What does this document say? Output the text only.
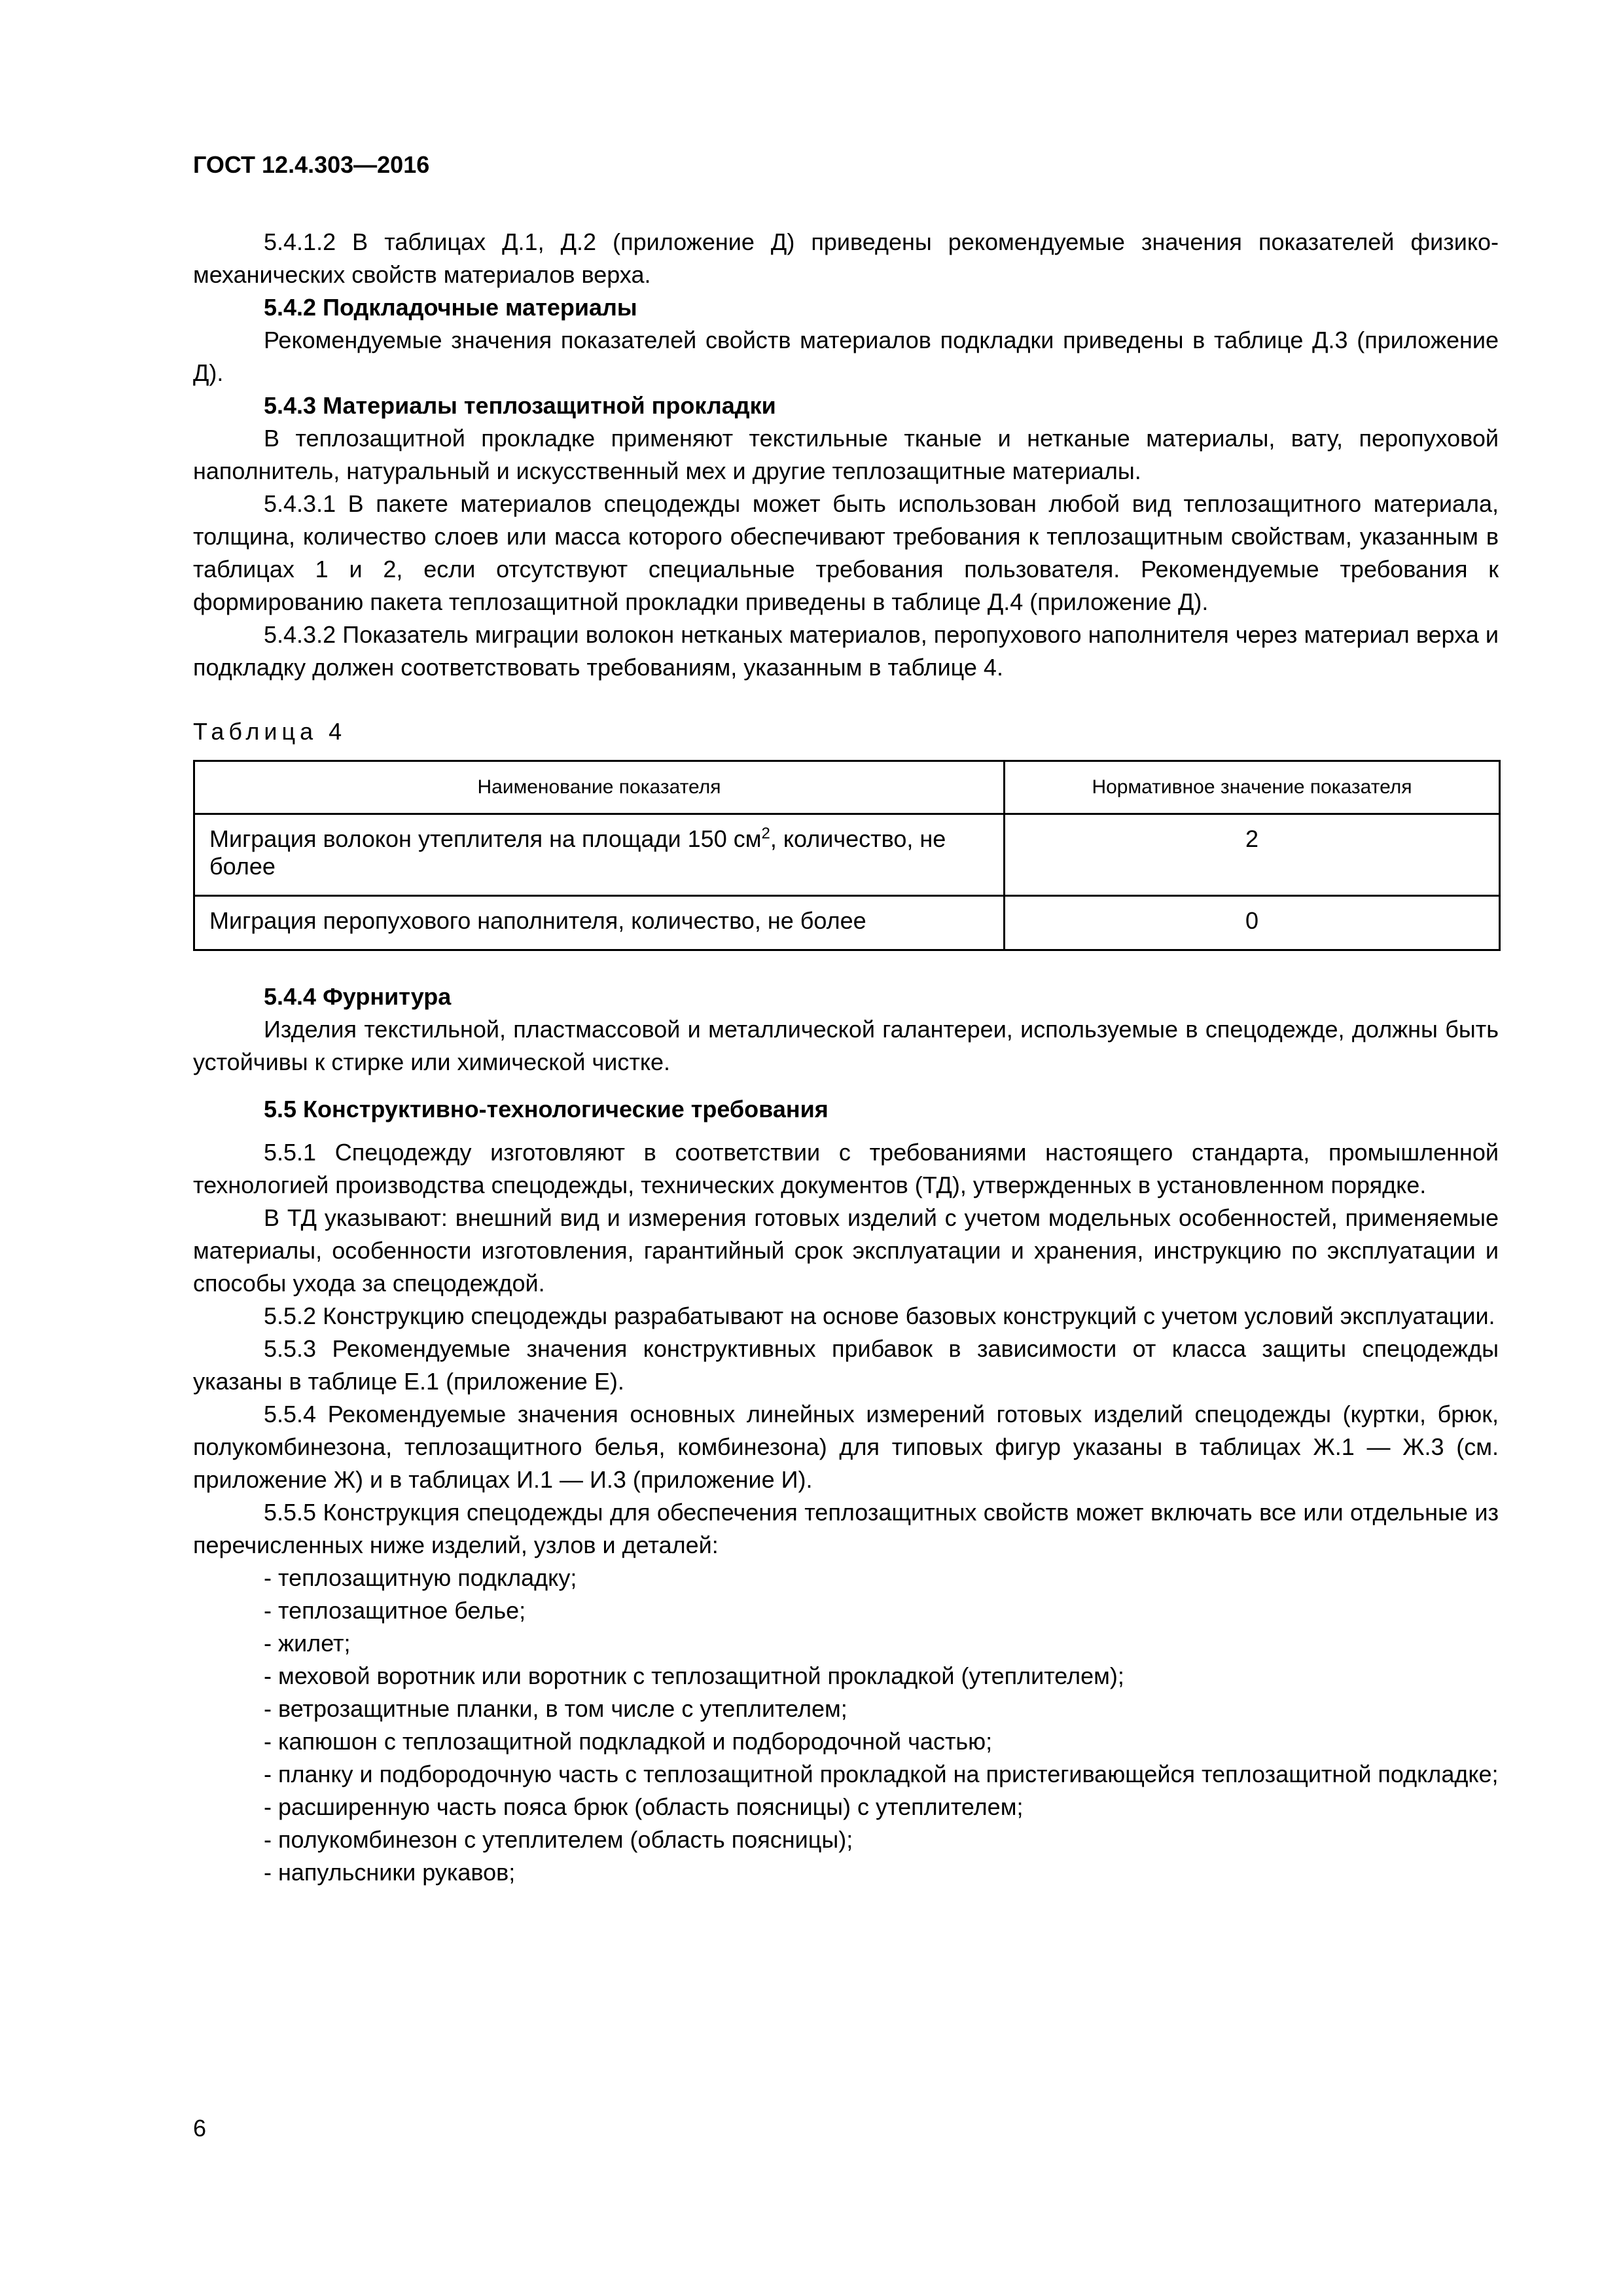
ГОСТ 12.4.303—2016

5.4.1.2 В таблицах Д.1, Д.2 (приложение Д) приведены рекомендуемые значения показателей физико-механических свойств материалов верха.

5.4.2 Подкладочные материалы

Рекомендуемые значения показателей свойств материалов подкладки приведены в таблице Д.3 (приложение Д).

5.4.3 Материалы теплозащитной прокладки

В теплозащитной прокладке применяют текстильные тканые и нетканые материалы, вату, перопуховой наполнитель, натуральный и искусственный мех и другие теплозащитные материалы.

5.4.3.1 В пакете материалов спецодежды может быть использован любой вид теплозащитного материала, толщина, количество слоев или масса которого обеспечивают требования к теплозащитным свойствам, указанным в таблицах 1 и 2, если отсутствуют специальные требования пользователя. Рекомендуемые требования к формированию пакета теплозащитной прокладки приведены в таблице Д.4 (приложение Д).

5.4.3.2 Показатель миграции волокон нетканых материалов, перопухового наполнителя через материал верха и подкладку должен соответствовать требованиям, указанным в таблице 4.

Таблица 4

Наименование показателя	Нормативное значение показателя
Миграция волокон утеплителя на площади 150 $см^2$, количество, не более	2
Миграция перопухового наполнителя, количество, не более	0

5.4.4 Фурнитура

Изделия текстильной, пластмассовой и металлической галантереи, используемые в спецодежде, должны быть устойчивы к стирке или химической чистке.

5.5 Конструктивно-технологические требования

5.5.1 Спецодежду изготовляют в соответствии с требованиями настоящего стандарта, промышленной технологией производства спецодежды, технических документов (ТД), утвержденных в установленном порядке.

В ТД указывают: внешний вид и измерения готовых изделий с учетом модельных особенностей, применяемые материалы, особенности изготовления, гарантийный срок эксплуатации и хранения, инструкцию по эксплуатации и способы ухода за спецодеждой.

5.5.2 Конструкцию спецодежды разрабатывают на основе базовых конструкций с учетом условий эксплуатации.

5.5.3 Рекомендуемые значения конструктивных прибавок в зависимости от класса защиты спецодежды указаны в таблице Е.1 (приложение Е).

5.5.4 Рекомендуемые значения основных линейных измерений готовых изделий спецодежды (куртки, брюк, полукомбинезона, теплозащитного белья, комбинезона) для типовых фигур указаны в таблицах Ж.1 — Ж.3 (см. приложение Ж) и в таблицах И.1 — И.3 (приложение И).

5.5.5 Конструкция спецодежды для обеспечения теплозащитных свойств может включать все или отдельные из перечисленных ниже изделий, узлов и деталей:

- теплозащитную подкладку;

- теплозащитное белье;

- жилет;

- меховой воротник или воротник с теплозащитной прокладкой (утеплителем);

- ветрозащитные планки, в том числе с утеплителем;

- капюшон с теплозащитной подкладкой и подбородочной частью;

- планку и подбородочную часть с теплозащитной прокладкой на пристегивающейся теплозащитной подкладке;

- расширенную часть пояса брюк (область поясницы) с утеплителем;

- полукомбинезон с утеплителем (область поясницы);

- напульсники рукавов;

6
